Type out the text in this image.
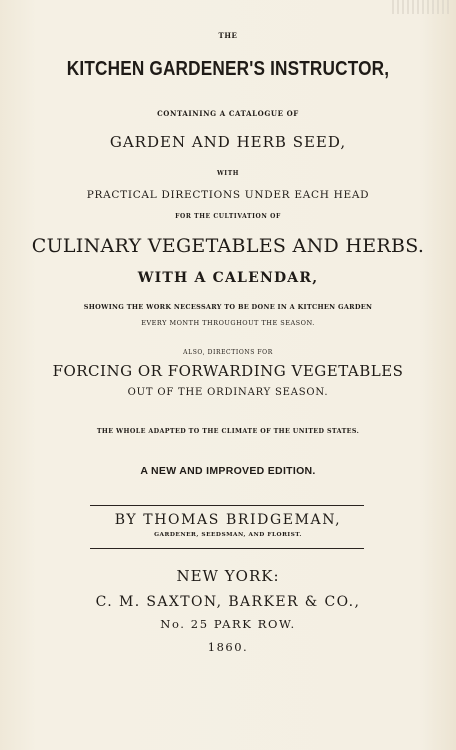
THE
KITCHEN GARDENER'S INSTRUCTOR,
CONTAINING A CATALOGUE OF
GARDEN AND HERB SEED,
WITH
PRACTICAL DIRECTIONS UNDER EACH HEAD
FOR THE CULTIVATION OF
CULINARY VEGETABLES AND HERBS.
WITH A CALENDAR,
SHOWING THE WORK NECESSARY TO BE DONE IN A KITCHEN GARDEN
EVERY MONTH THROUGHOUT THE SEASON.
ALSO, DIRECTIONS FOR
FORCING OR FORWARDING VEGETABLES
OUT OF THE ORDINARY SEASON.
THE WHOLE ADAPTED TO THE CLIMATE OF THE UNITED STATES.
A NEW AND IMPROVED EDITION.
BY THOMAS BRIDGEMAN,
GARDENER, SEEDSMAN, AND FLORIST.
NEW YORK:
C. M. SAXTON, BARKER & CO.,
No. 25 PARK ROW.
1860.
